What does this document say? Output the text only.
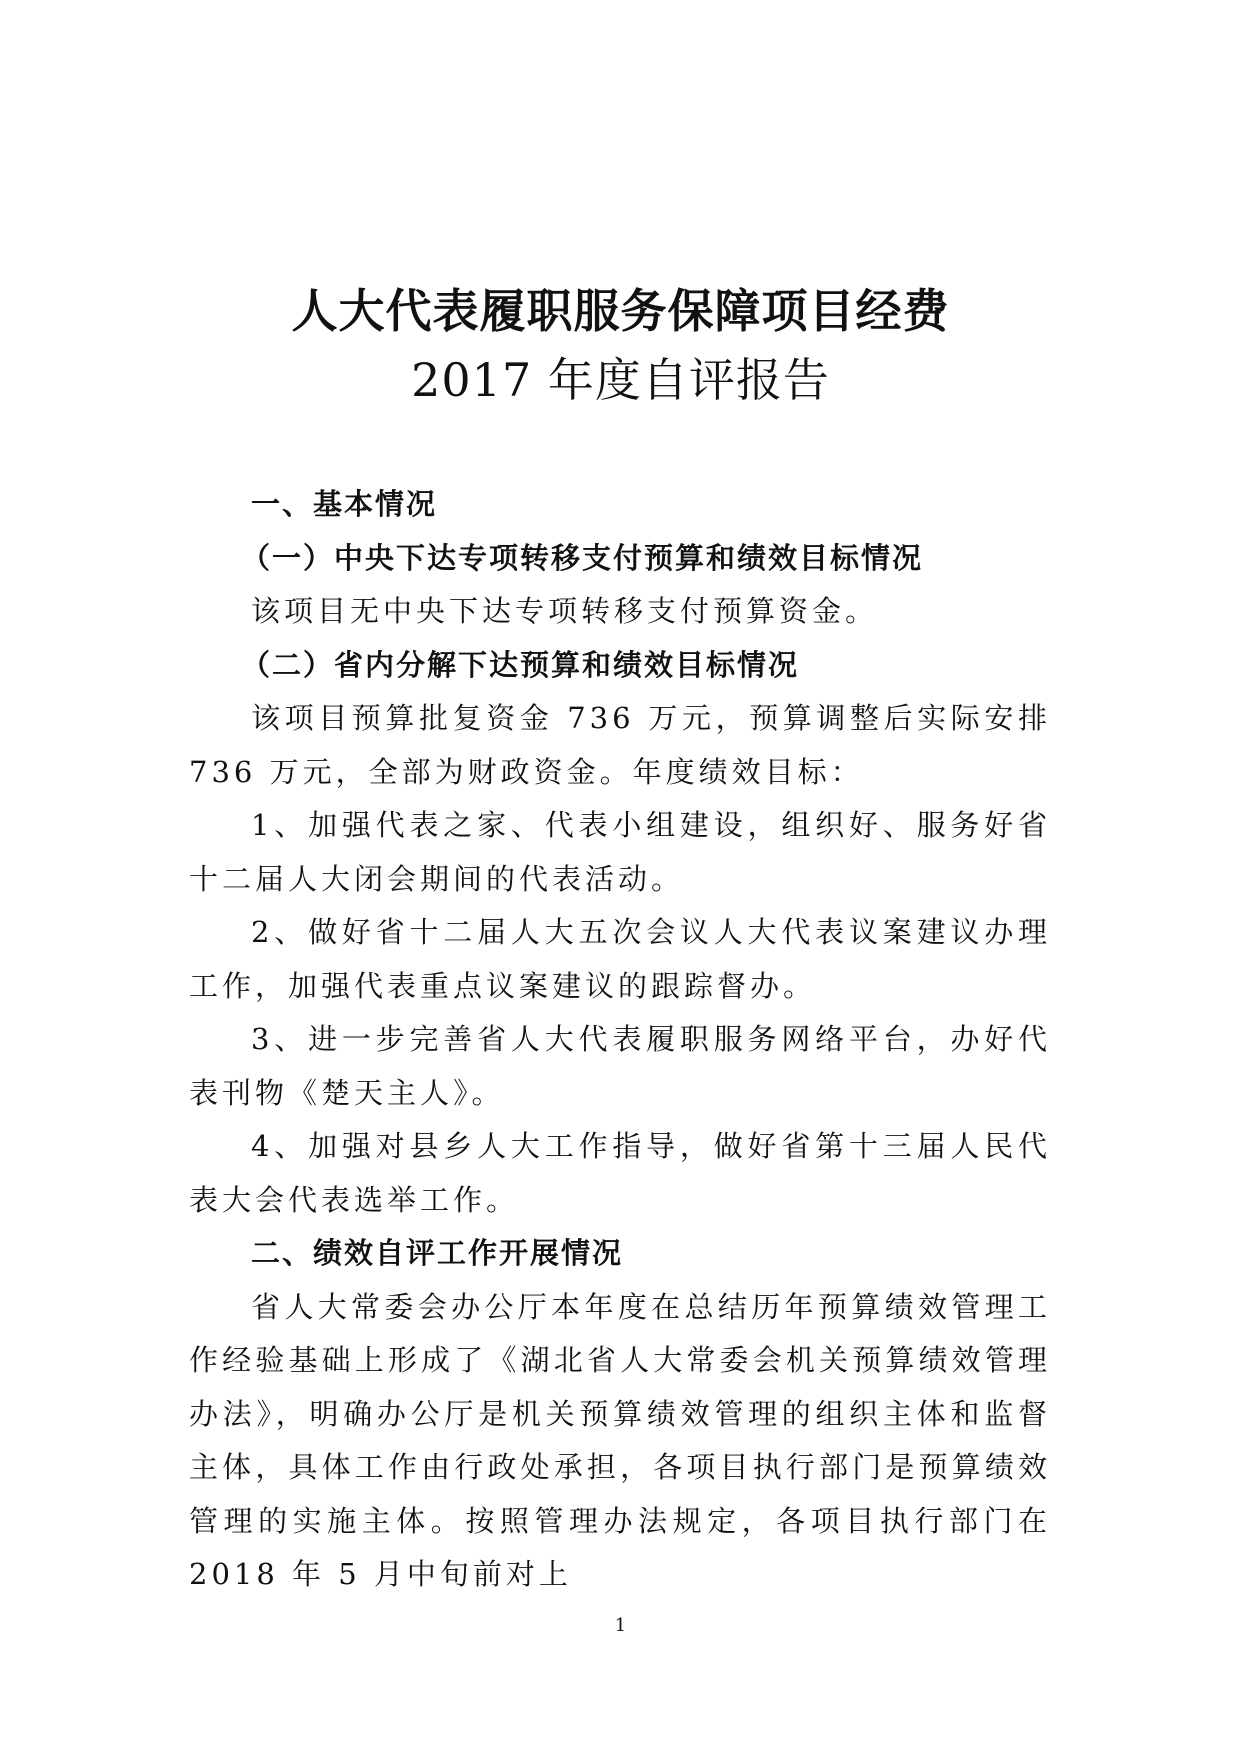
人大代表履职服务保障项目经费
2017 年度自评报告

一、基本情况

（一）中央下达专项转移支付预算和绩效目标情况

该项目无中央下达专项转移支付预算资金。

（二）省内分解下达预算和绩效目标情况

该项目预算批复资金 736 万元，预算调整后实际安排 736 万元，全部为财政资金。年度绩效目标：

1、加强代表之家、代表小组建设，组织好、服务好省十二届人大闭会期间的代表活动。

2、做好省十二届人大五次会议人大代表议案建议办理工作，加强代表重点议案建议的跟踪督办。

3、进一步完善省人大代表履职服务网络平台，办好代表刊物《楚天主人》。

4、加强对县乡人大工作指导，做好省第十三届人民代表大会代表选举工作。

二、绩效自评工作开展情况

省人大常委会办公厅本年度在总结历年预算绩效管理工作经验基础上形成了《湖北省人大常委会机关预算绩效管理办法》，明确办公厅是机关预算绩效管理的组织主体和监督主体，具体工作由行政处承担，各项目执行部门是预算绩效管理的实施主体。按照管理办法规定，各项目执行部门在 2018 年 5 月中旬前对上

1
